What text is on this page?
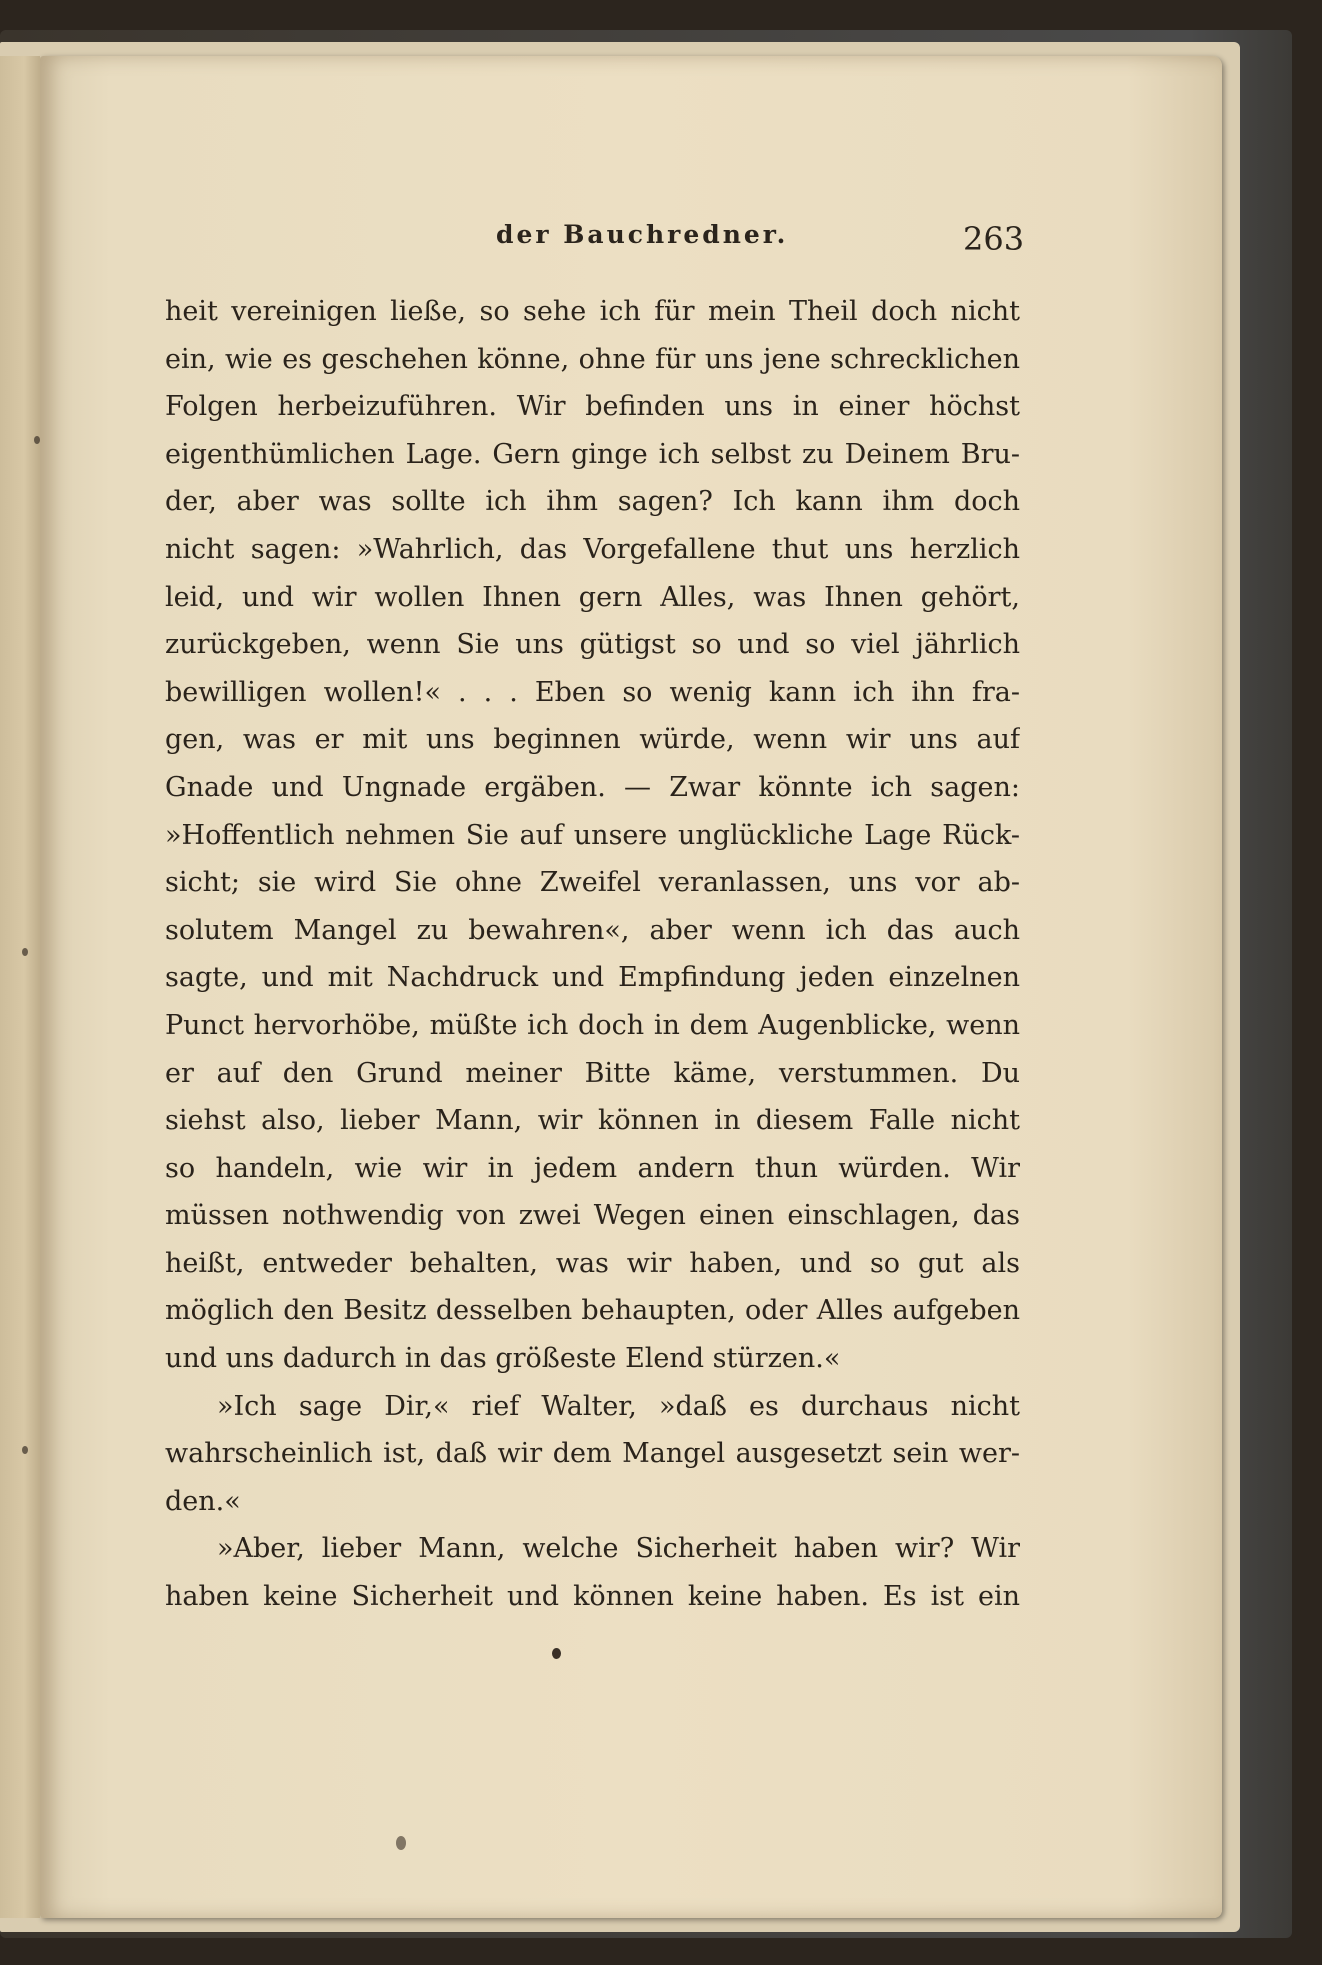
der Bauchredner.	263
heit vereinigen ließe, so sehe ich für mein Theil doch nicht
ein, wie es geschehen könne, ohne für uns jene schrecklichen
Folgen herbeizuführen. Wir befinden uns in einer höchst
eigenthümlichen Lage. Gern ginge ich selbst zu Deinem Bru-
der, aber was sollte ich ihm sagen? Ich kann ihm doch
nicht sagen: »Wahrlich, das Vorgefallene thut uns herzlich
leid, und wir wollen Ihnen gern Alles, was Ihnen gehört,
zurückgeben, wenn Sie uns gütigst so und so viel jährlich
bewilligen wollen!« . . . Eben so wenig kann ich ihn fra-
gen, was er mit uns beginnen würde, wenn wir uns auf
Gnade und Ungnade ergäben. — Zwar könnte ich sagen:
»Hoffentlich nehmen Sie auf unsere unglückliche Lage Rück-
sicht; sie wird Sie ohne Zweifel veranlassen, uns vor ab-
solutem Mangel zu bewahren«, aber wenn ich das auch
sagte, und mit Nachdruck und Empfindung jeden einzelnen
Punct hervorhöbe, müßte ich doch in dem Augenblicke, wenn
er auf den Grund meiner Bitte käme, verstummen. Du
siehst also, lieber Mann, wir können in diesem Falle nicht
so handeln, wie wir in jedem andern thun würden. Wir
müssen nothwendig von zwei Wegen einen einschlagen, das
heißt, entweder behalten, was wir haben, und so gut als
möglich den Besitz desselben behaupten, oder Alles aufgeben
und uns dadurch in das größeste Elend stürzen.«
»Ich sage Dir,« rief Walter, »daß es durchaus nicht
wahrscheinlich ist, daß wir dem Mangel ausgesetzt sein wer-
den.«
»Aber, lieber Mann, welche Sicherheit haben wir? Wir
haben keine Sicherheit und können keine haben. Es ist ein
